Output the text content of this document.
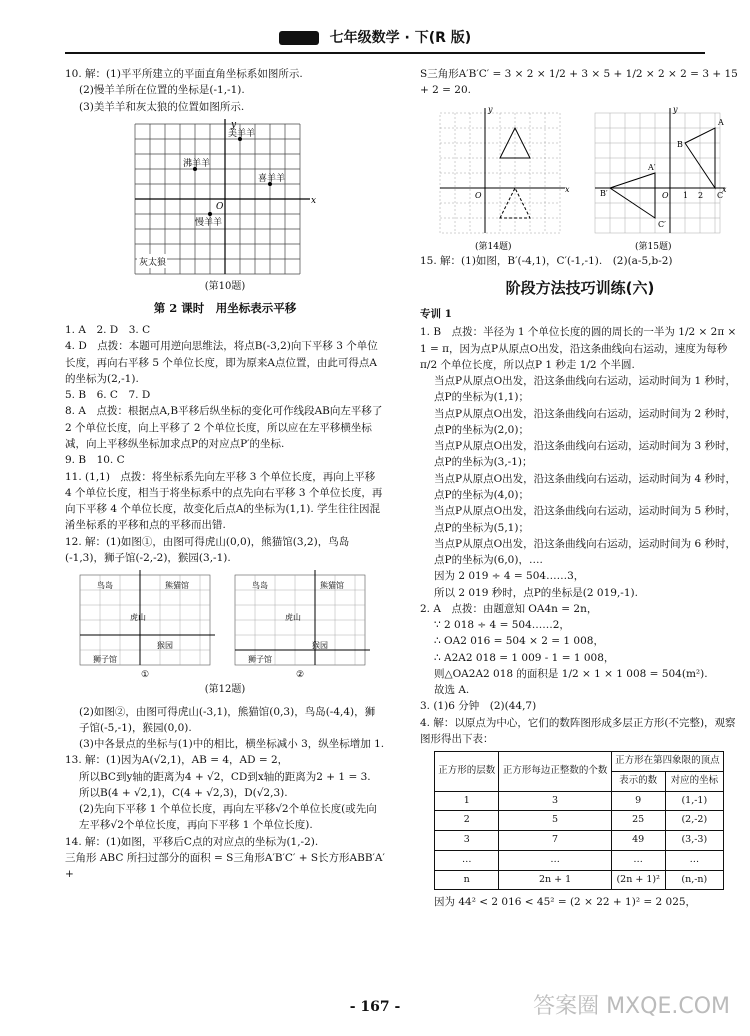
七年级数学 · 下(R 版)

10. 解：(1)平平所建立的平面直角坐标系如图所示.

(2)慢羊羊所在位置的坐标是(-1,-1).

(3)美羊羊和灰太狼的位置如图所示.

y
x
O
美羊羊
沸羊羊
喜羊羊
慢羊羊
灰太狼
(第10题)
第 2 课时　用坐标表示平移

1. A　2. D　3. C

4. D　点拨：本题可用逆向思维法，将点B(-3,2)向下平移 3 个单位长度，再向右平移 5 个单位长度，即为原来A点位置，由此可得点A的坐标为(2,-1).

5. B　6. C　7. D

8. A　点拨：根据点A,B平移后纵坐标的变化可作线段AB向左平移了 2 个单位长度，向上平移了 2 个单位长度，所以应在左平移横坐标减，向上平移纵坐标加求点P的对应点P′的坐标.

9. B　10. C

11. (1,1)　点拨：将坐标系先向左平移 3 个单位长度，再向上平移 4 个单位长度，相当于将坐标系中的点先向右平移 3 个单位长度，再向下平移 4 个单位长度，故变化后点A的坐标为(1,1). 学生往往因混淆坐标系的平移和点的平移而出错.

12. 解：(1)如图①，由图可得虎山(0,0)，熊猫馆(3,2)，鸟岛(-1,3)，狮子馆(-2,-2)，猴园(3,-1).

鸟岛	熊猫馆
虎山
猴园
狮子馆
鸟岛	熊猫馆
虎山
猴园
狮子馆
①	②
(第12题)

(2)如图②，由图可得虎山(-3,1)，熊猫馆(0,3)，鸟岛(-4,4)，狮子馆(-5,-1)，猴园(0,0).

(3)中各景点的坐标与(1)中的相比，横坐标减小 3，纵坐标增加 1.

13. 解：(1)因为A(√2,1)，AB = 4，AD = 2，

所以BC到y轴的距离为4 + √2，CD到x轴的距离为2 + 1 = 3.

所以B(4 + √2,1)，C(4 + √2,3)，D(√2,3).

(2)先向下平移 1 个单位长度，再向左平移√2个单位长度(或先向左平移√2个单位长度，再向下平移 1 个单位长度).

14. 解：(1)如图，平移后C点的对应点的坐标为(1,-2).

三角形 ABC 所扫过部分的面积 = S三角形A′B′C′ + S长方形ABB′A′ +

S三角形A′B′C′ = 3 × 2 × 1/2 + 3 × 5 + 1/2 × 2 × 2 = 3 + 15 + 2 = 20.

x
y
O
A
B
C
A′
B′
C′
O 1 2
x
y
(第14题)	(第15题)

15. 解：(1)如图，B′(-4,1)，C′(-1,-1).　(2)(a-5,b-2)

阶段方法技巧训练(六)
专训 1

1. B　点拨：半径为 1 个单位长度的圆的周长的一半为 1/2 × 2π × 1 = π，因为点P从原点O出发，沿这条曲线向右运动，速度为每秒 π/2 个单位长度，所以点P 1 秒走 1/2 个半圆.

当点P从原点O出发，沿这条曲线向右运动，运动时间为 1 秒时，点P的坐标为(1,1)；

当点P从原点O出发，沿这条曲线向右运动，运动时间为 2 秒时，点P的坐标为(2,0)；

当点P从原点O出发，沿这条曲线向右运动，运动时间为 3 秒时，点P的坐标为(3,-1)；

当点P从原点O出发，沿这条曲线向右运动，运动时间为 4 秒时，点P的坐标为(4,0)；

当点P从原点O出发，沿这条曲线向右运动，运动时间为 5 秒时，点P的坐标为(5,1)；

当点P从原点O出发，沿这条曲线向右运动，运动时间为 6 秒时，点P的坐标为(6,0)，….

因为 2 019 ÷ 4 = 504……3，

所以 2 019 秒时，点P的坐标是(2 019,-1).

2. A　点拨：由题意知 OA4n = 2n，

∵ 2 018 ÷ 4 = 504……2，

∴ OA2 016 = 504 × 2 = 1 008，

∴ A2A2 018 = 1 009 - 1 = 1 008，

则△OA2A2 018 的面积是 1/2 × 1 × 1 008 = 504(m²).

故选 A.

3. (1)6 分钟　(2)(44,7)

4. 解：以原点为中心，它们的数阵图形成多层正方形(不完整)，观察图形得出下表：

正方形的层数	正方形每边正整数的个数	正方形在第四象限的顶点	
		表示的数	对应的坐标
1	3	9	(1,-1)
2	5	25	(2,-2)
3	7	49	(3,-3)
…	…	…	…
n	2n + 1	(2n + 1)²	(n,-n)

因为 44² < 2 016 < 45² = (2 × 22 + 1)² = 2 025，

- 167 -	答案圈 MXQE.COM
